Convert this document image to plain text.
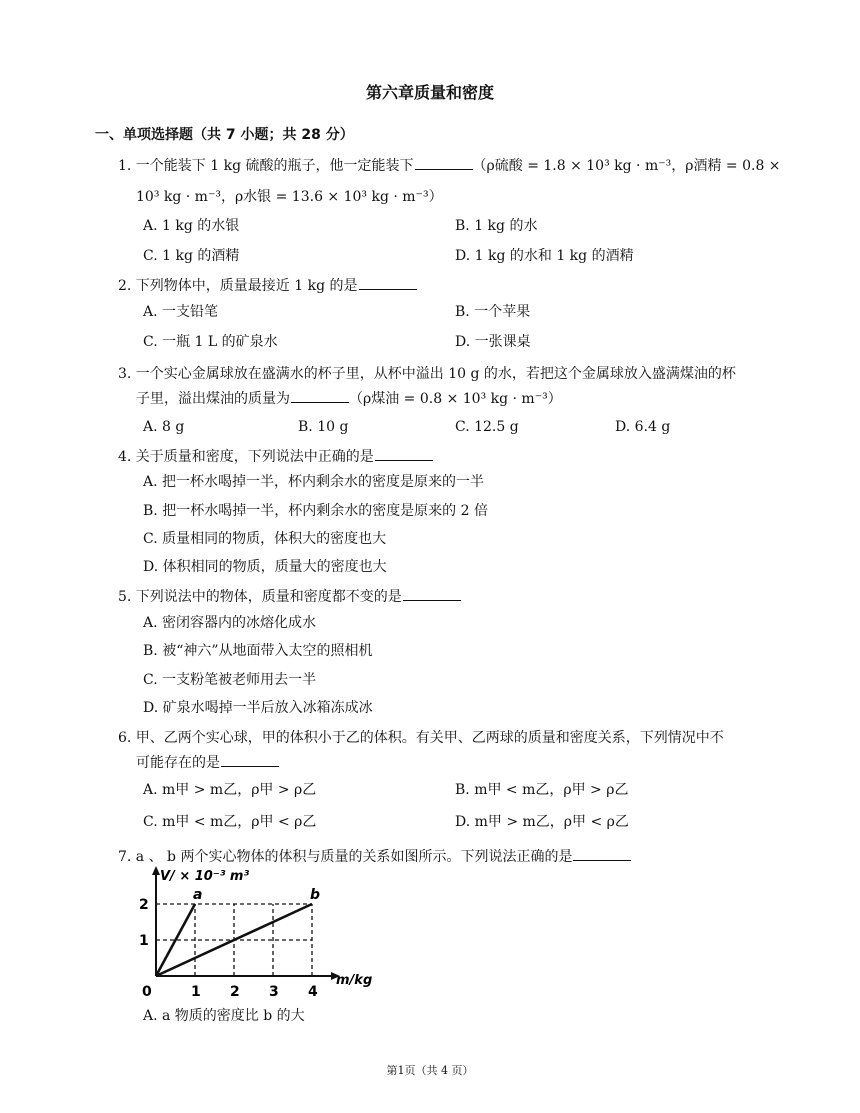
第六章质量和密度
一、单项选择题（共 7 小题；共 28 分）
1. 一个能装下 1 kg 硫酸的瓶子，他一定能装下	（ρ硫酸 = 1.8 × 10³ kg · m⁻³，ρ酒精 = 0.8 ×
10³ kg · m⁻³，ρ水银 = 13.6 × 10³ kg · m⁻³）
A. 1 kg 的水银	B. 1 kg 的水
C. 1 kg 的酒精	D. 1 kg 的水和 1 kg 的酒精
2. 下列物体中，质量最接近 1 kg 的是
A. 一支铅笔	B. 一个苹果
C. 一瓶 1 L 的矿泉水	D. 一张课桌
3. 一个实心金属球放在盛满水的杯子里，从杯中溢出 10 g 的水，若把这个金属球放入盛满煤油的杯
子里，溢出煤油的质量为	（ρ煤油 = 0.8 × 10³ kg · m⁻³）
A. 8 g	B. 10 g	C. 12.5 g	D. 6.4 g
4. 关于质量和密度，下列说法中正确的是
A. 把一杯水喝掉一半，杯内剩余水的密度是原来的一半
B. 把一杯水喝掉一半，杯内剩余水的密度是原来的 2 倍
C. 质量相同的物质，体积大的密度也大
D. 体积相同的物质，质量大的密度也大
5. 下列说法中的物体，质量和密度都不变的是
A. 密闭容器内的冰熔化成水
B. 被“神六”从地面带入太空的照相机
C. 一支粉笔被老师用去一半
D. 矿泉水喝掉一半后放入冰箱冻成冰
6. 甲、乙两个实心球，甲的体积小于乙的体积。有关甲、乙两球的质量和密度关系，下列情况中不
可能存在的是
A. m甲 > m乙，ρ甲 > ρ乙	B. m甲 < m乙，ρ甲 > ρ乙
C. m甲 < m乙，ρ甲 < ρ乙	D. m甲 > m乙，ρ甲 < ρ乙
7. a 、 b 两个实心物体的体积与质量的关系如图所示。下列说法正确的是
a	b
0	1 2 3 4
1
2
m/kg
V/ × 10⁻³ m³
A. a 物质的密度比 b 的大
第1页（共 4 页）
